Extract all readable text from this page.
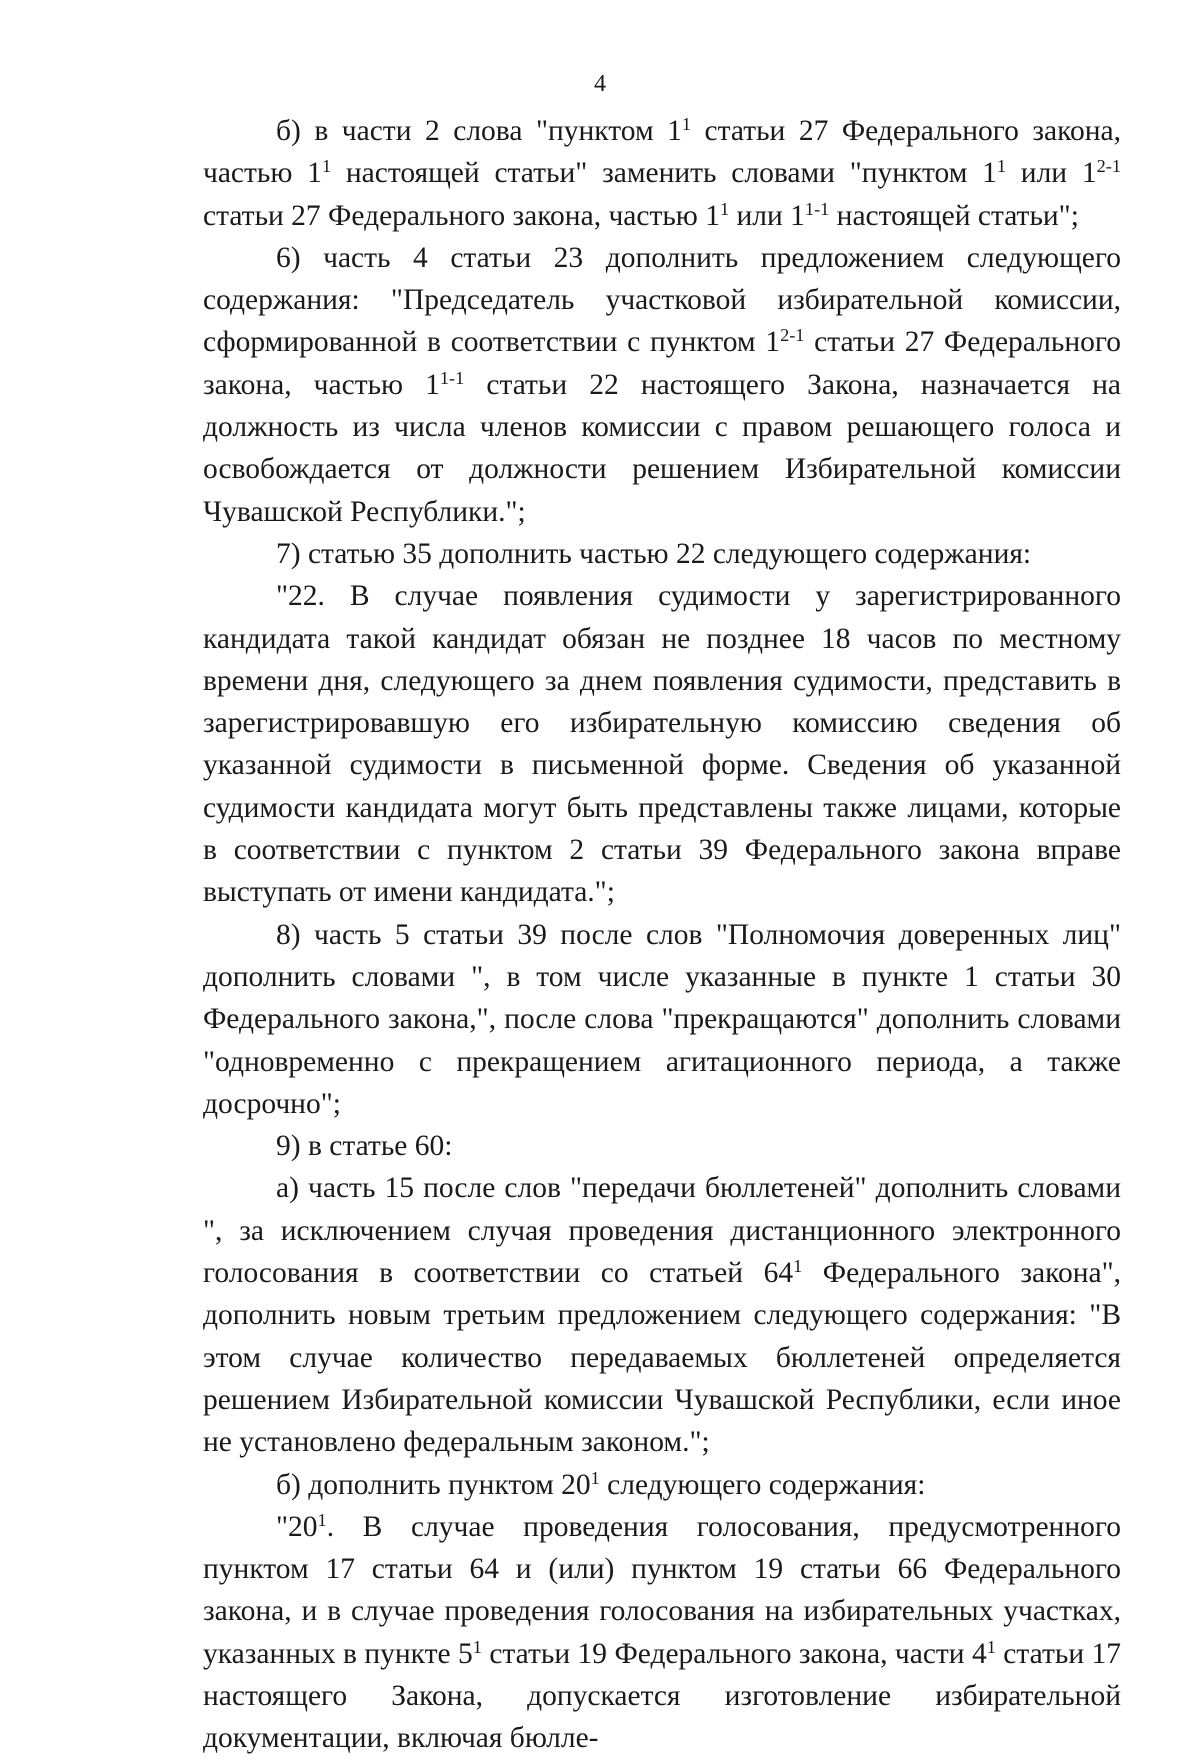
4

б) в части 2 слова "пунктом $1^1$ статьи 27 Федерального закона, частью $1^1$ настоящей статьи" заменить словами "пунктом $1^1$ или 1$^{2-1}$ статьи 27 Федерального закона, частью $1^1$ или 1$^{1-1}$ настоящей статьи";

6) часть 4 статьи 23 дополнить предложением следующего содержания: "Председатель участковой избирательной комиссии, сформированной в соответствии с пунктом 1$^{2-1}$ статьи 27 Федерального закона, частью 1$^{1-1}$ статьи 22 настоящего Закона, назначается на должность из числа членов комиссии с правом решающего голоса и освобождается от должности решением Избирательной комиссии Чувашской Республики.";

7) статью 35 дополнить частью 22 следующего содержания:

"22. В случае появления судимости у зарегистрированного кандидата такой кандидат обязан не позднее 18 часов по местному времени дня, следующего за днем появления судимости, представить в зарегистрировавшую его избирательную комиссию сведения об указанной судимости в письменной форме. Сведения об указанной судимости кандидата могут быть представлены также лицами, которые в соответствии с пунктом 2 статьи 39 Федерального закона вправе выступать от имени кандидата.";

8) часть 5 статьи 39 после слов "Полномочия доверенных лиц" дополнить словами ", в том числе указанные в пункте 1 статьи 30 Федерального закона,", после слова "прекращаются" дополнить словами "одновременно с прекращением агитационного периода, а также досрочно";

9) в статье 60:

а) часть 15 после слов "передачи бюллетеней" дополнить словами ", за исключением случая проведения дистанционного электронного голосования в соответствии со статьей $64^1$ Федерального закона", дополнить новым третьим предложением следующего содержания: "В этом случае количество передаваемых бюллетеней определяется решением Избирательной комиссии Чувашской Республики, если иное не установлено федеральным законом.";

б) дополнить пунктом $20^1$ следующего содержания:

"$20^1$. В случае проведения голосования, предусмотренного пунктом 17 статьи 64 и (или) пунктом 19 статьи 66 Федерального закона, и в случае проведения голосования на избирательных участках, указанных в пункте $5^1$ статьи 19 Федерального закона, части $4^1$ статьи 17 настоящего Закона, допускается изготовление избирательной документации, включая бюлле-
